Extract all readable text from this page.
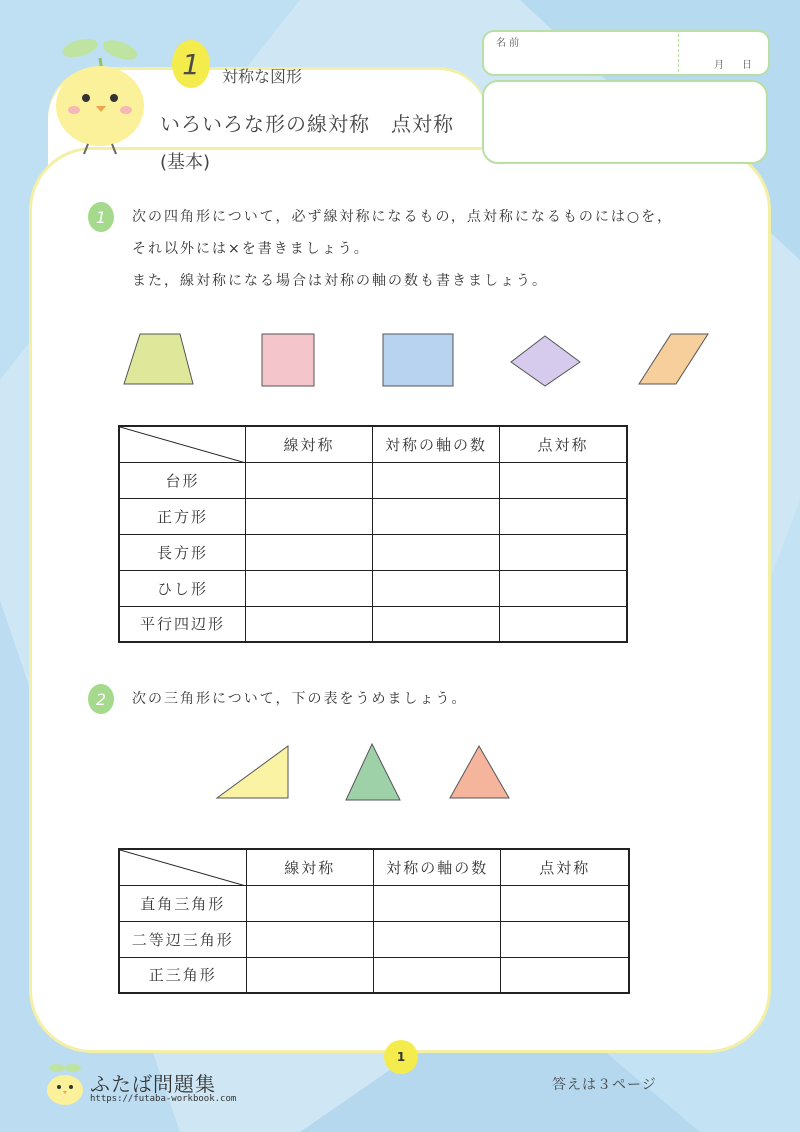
1 対称な図形
いろいろな形の線対称　点対称
(基本)
名前
月 日
1 次の四角形について，必ず線対称になるもの，点対称になるものには○を，
それ以外には×を書きましょう。
また，線対称になる場合は対称の軸の数も書きましょう。
	線対称	対称の軸の数	点対称
台形			
正方形			
長方形			
ひし形			
平行四辺形			
2 次の三角形について，下の表をうめましょう。
	線対称	対称の軸の数	点対称
直角三角形			
二等辺三角形			
正三角形			
1
ふたば問題集
https://futaba-workbook.com
答えは３ページ
